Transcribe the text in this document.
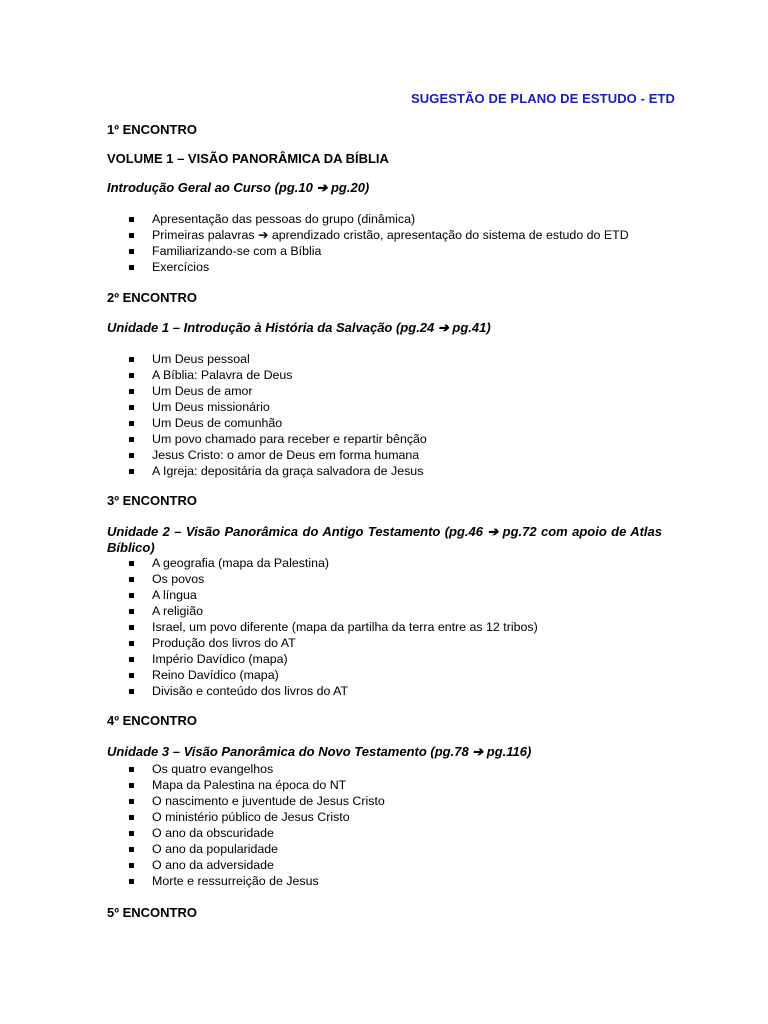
SUGESTÃO DE PLANO DE ESTUDO - ETD
1º ENCONTRO
VOLUME 1 – VISÃO PANORÂMICA DA BÍBLIA
Introdução Geral ao Curso (pg.10 ➔ pg.20)
Apresentação das pessoas do grupo (dinâmica)
Primeiras palavras ➔ aprendizado cristão, apresentação do sistema de estudo do ETD
Familiarizando-se com a Bíblia
Exercícios
2º ENCONTRO
Unidade 1 – Introdução à História da Salvação (pg.24 ➔ pg.41)
Um Deus pessoal
A Bíblia: Palavra de Deus
Um Deus de amor
Um Deus missionário
Um Deus de comunhão
Um povo chamado para receber e repartir bênção
Jesus Cristo: o amor de Deus em forma humana
A Igreja: depositária da graça salvadora de Jesus
3º ENCONTRO
Unidade 2 – Visão Panorâmica do Antigo Testamento (pg.46 ➔ pg.72 com apoio de Atlas Bíblico)
A geografia (mapa da Palestina)
Os povos
A língua
A religião
Israel, um povo diferente (mapa da partilha da terra entre as 12 tribos)
Produção dos livros do AT
Império Davídico (mapa)
Reino Davídico (mapa)
Divisão e conteúdo dos livros do AT
4º ENCONTRO
Unidade 3 – Visão Panorâmica do Novo Testamento (pg.78 ➔ pg.116)
Os quatro evangelhos
Mapa da Palestina na época do NT
O nascimento e juventude de Jesus Cristo
O ministério público de Jesus Cristo
O ano da obscuridade
O ano da popularidade
O ano da adversidade
Morte e ressurreição de Jesus
5º ENCONTRO
